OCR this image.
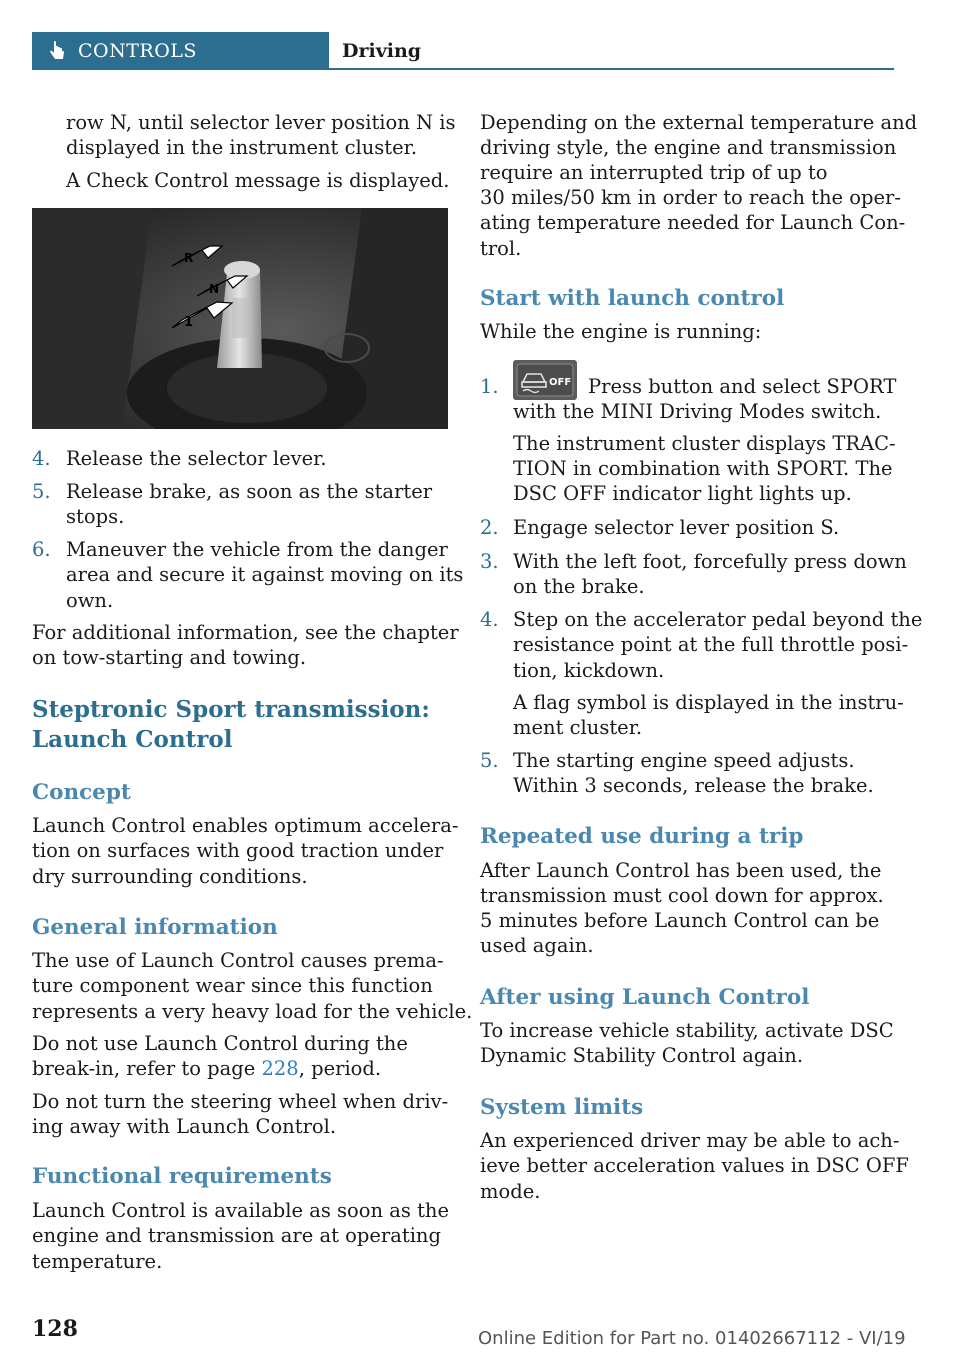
CONTROLS	Driving

row N, until selector lever position N is

displayed in the instrument cluster.

A Check Control message is displayed.

R
N
1
4. Release the selector lever.

5. Release brake, as soon as the starter

stops.

6. Maneuver the vehicle from the danger

area and secure it against moving on its

own.

For additional information, see the chapter

on tow-starting and towing.

Steptronic Sport transmission:

Launch Control

Concept

Launch Control enables optimum accelera-

tion on surfaces with good traction under

dry surrounding conditions.

General information

The use of Launch Control causes prema-

ture component wear since this function

represents a very heavy load for the vehicle.

Do not use Launch Control during the

break-in, refer to page 228, period.

Do not turn the steering wheel when driv-

ing away with Launch Control.

Functional requirements

Launch Control is available as soon as the

engine and transmission are at operating

temperature.

Depending on the external temperature and

driving style, the engine and transmission

require an interrupted trip of up to

30 miles/50 km in order to reach the oper-

ating temperature needed for Launch Con-

trol.

Start with launch control

While the engine is running:

1.	OFF Press button and select SPORT

with the MINI Driving Modes switch.

The instrument cluster displays TRAC-

TION in combination with SPORT. The

DSC OFF indicator light lights up.

2. Engage selector lever position S.

3. With the left foot, forcefully press down

on the brake.

4. Step on the accelerator pedal beyond the

resistance point at the full throttle posi-

tion, kickdown.

A flag symbol is displayed in the instru-

ment cluster.

5. The starting engine speed adjusts.

Within 3 seconds, release the brake.

Repeated use during a trip

After Launch Control has been used, the

transmission must cool down for approx.

5 minutes before Launch Control can be

used again.

After using Launch Control

To increase vehicle stability, activate DSC

Dynamic Stability Control again.

System limits

An experienced driver may be able to ach-

ieve better acceleration values in DSC OFF

mode.

128	Online Edition for Part no. 01402667112 - VI/19
